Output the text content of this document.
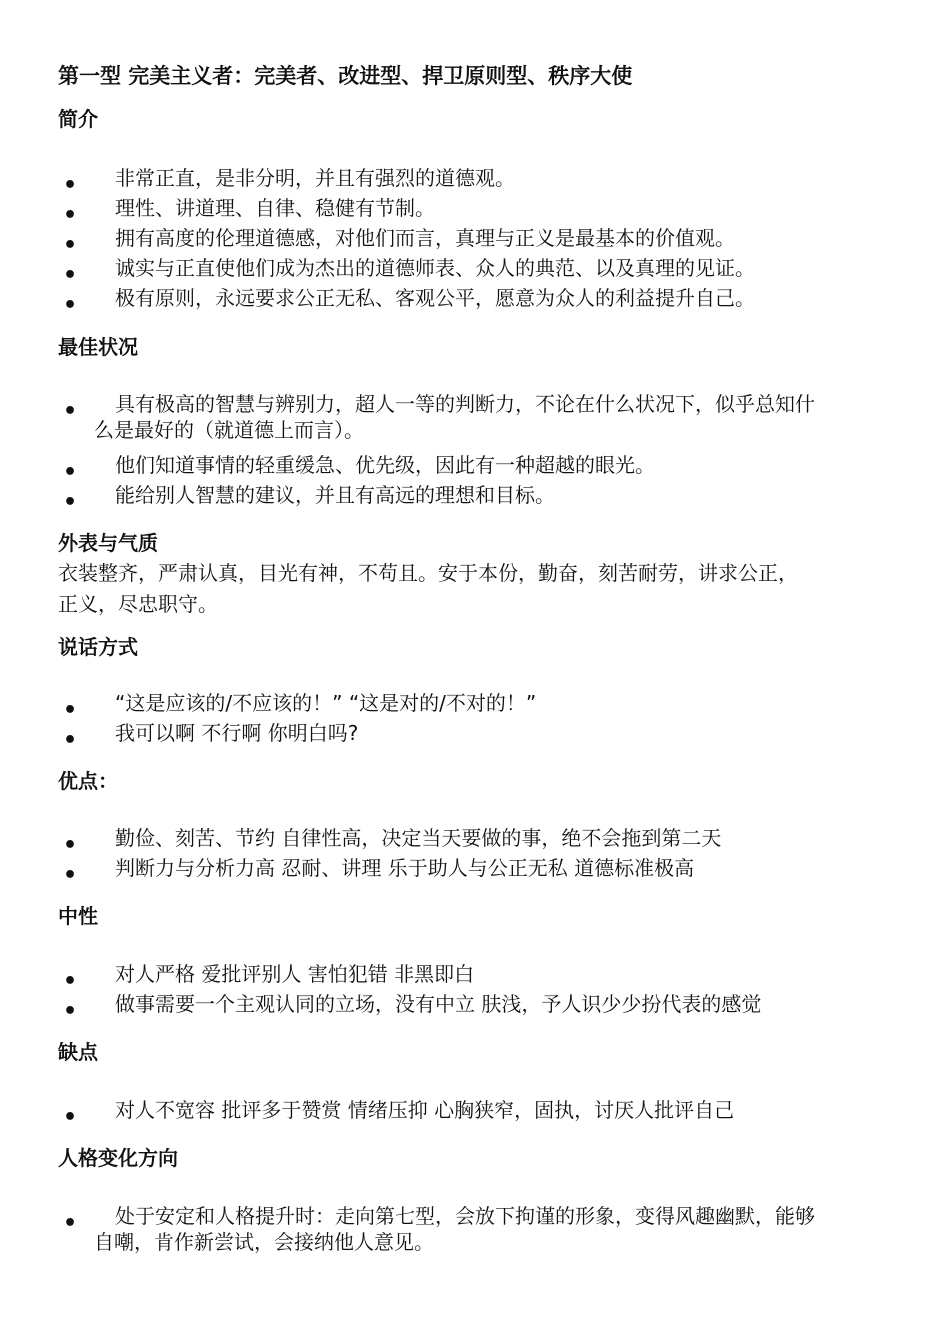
第一型 完美主义者：完美者、改进型、捍卫原则型、秩序大使
简介
• 非常正直，是非分明，并且有强烈的道德观。
• 理性、讲道理、自律、稳健有节制。
• 拥有高度的伦理道德感，对他们而言，真理与正义是最基本的价值观。
• 诚实与正直使他们成为杰出的道德师表、众人的典范、以及真理的见证。
• 极有原则，永远要求公正无私、客观公平，愿意为众人的利益提升自己。
最佳状况
• 具有极高的智慧与辨别力，超人一等的判断力，不论在什么状况下，似乎总知什
么是最好的（就道德上而言）。
• 他们知道事情的轻重缓急、优先级，因此有一种超越的眼光。
• 能给别人智慧的建议，并且有高远的理想和目标。
外表与气质
衣装整齐，严肃认真，目光有神，不苟且。安于本份，勤奋，刻苦耐劳，讲求公正，
正义，尽忠职守。
说话方式
• “这是应该的/不应该的！” “这是对的/不对的！”
• 我可以啊 不行啊 你明白吗?
优点：
• 勤俭、刻苦、节约 自律性高，决定当天要做的事，绝不会拖到第二天
• 判断力与分析力高 忍耐、讲理 乐于助人与公正无私 道德标准极高
中性
• 对人严格 爱批评别人 害怕犯错 非黑即白
• 做事需要一个主观认同的立场，没有中立 肤浅，予人识少少扮代表的感觉
缺点
• 对人不宽容 批评多于赞赏 情绪压抑 心胸狭窄，固执，讨厌人批评自己
人格变化方向
• 处于安定和人格提升时：走向第七型，会放下拘谨的形象，变得风趣幽默，能够
自嘲，肯作新尝试，会接纳他人意见。
